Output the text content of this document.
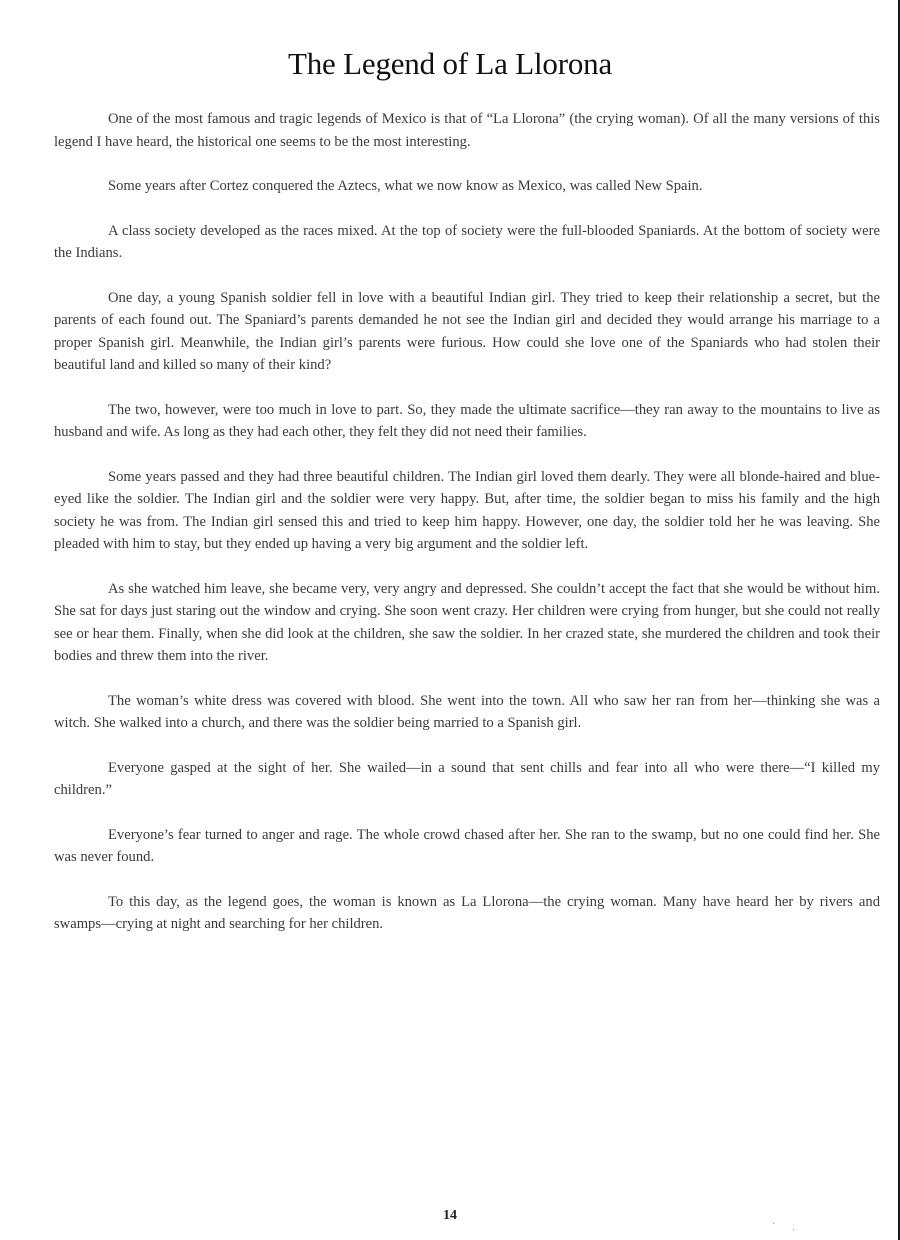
The Legend of La Llorona

One of the most famous and tragic legends of Mexico is that of “La Llorona” (the crying woman). Of all the many versions of this legend I have heard, the historical one seems to be the most interesting.

Some years after Cortez conquered the Aztecs, what we now know as Mexico, was called New Spain.

A class society developed as the races mixed. At the top of society were the full-blooded Spaniards. At the bottom of society were the Indians.

One day, a young Spanish soldier fell in love with a beautiful Indian girl. They tried to keep their relationship a secret, but the parents of each found out. The Spaniard’s parents demanded he not see the Indian girl and decided they would arrange his marriage to a proper Spanish girl. Meanwhile, the Indian girl’s parents were furious. How could she love one of the Spaniards who had stolen their beautiful land and killed so many of their kind?

The two, however, were too much in love to part. So, they made the ultimate sacrifice—they ran away to the mountains to live as husband and wife. As long as they had each other, they felt they did not need their families.

Some years passed and they had three beautiful children. The Indian girl loved them dearly. They were all blonde-haired and blue-eyed like the soldier. The Indian girl and the soldier were very happy. But, after time, the soldier began to miss his family and the high society he was from. The Indian girl sensed this and tried to keep him happy. However, one day, the soldier told her he was leaving. She pleaded with him to stay, but they ended up having a very big argument and the soldier left.

As she watched him leave, she became very, very angry and depressed. She couldn’t accept the fact that she would be without him. She sat for days just staring out the window and crying. She soon went crazy. Her children were crying from hunger, but she could not really see or hear them. Finally, when she did look at the children, she saw the soldier. In her crazed state, she murdered the children and took their bodies and threw them into the river.

The woman’s white dress was covered with blood. She went into the town. All who saw her ran from her—thinking she was a witch. She walked into a church, and there was the soldier being married to a Spanish girl.

Everyone gasped at the sight of her. She wailed—in a sound that sent chills and fear into all who were there—“I killed my children.”

Everyone’s fear turned to anger and rage. The whole crowd chased after her. She ran to the swamp, but no one could find her. She was never found.

To this day, as the legend goes, the woman is known as La Llorona—the crying woman. Many have heard her by rivers and swamps—crying at night and searching for her children.

14	․
․
